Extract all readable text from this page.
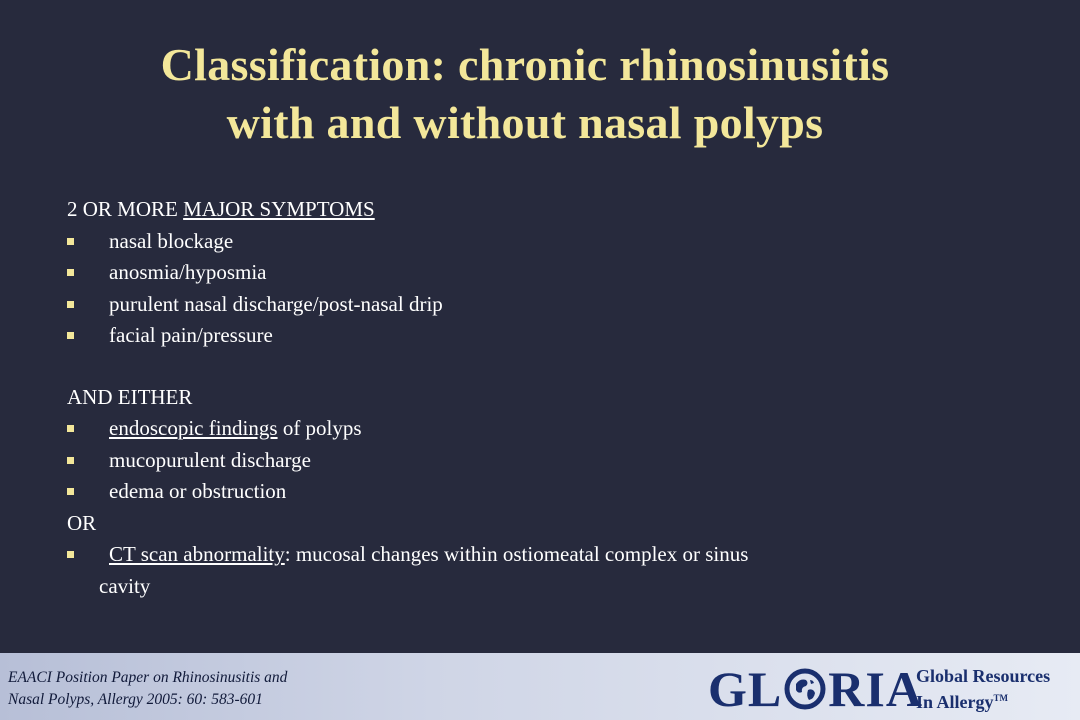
Classification: chronic rhinosinusitis
with and without nasal polyps
2 OR MORE MAJOR SYMPTOMS
nasal blockage
anosmia/hyposmia
purulent nasal discharge/post-nasal drip
facial pain/pressure
AND EITHER
endoscopic findings of polyps
mucopurulent discharge
edema or obstruction
OR
CT scan abnormality: mucosal changes within ostiomeatal complex or sinus
cavity
EAACI Position Paper on Rhinosinusitis and
Nasal Polyps, Allergy 2005: 60: 583-601	GL RIA
Global Resources
In Allergy™
